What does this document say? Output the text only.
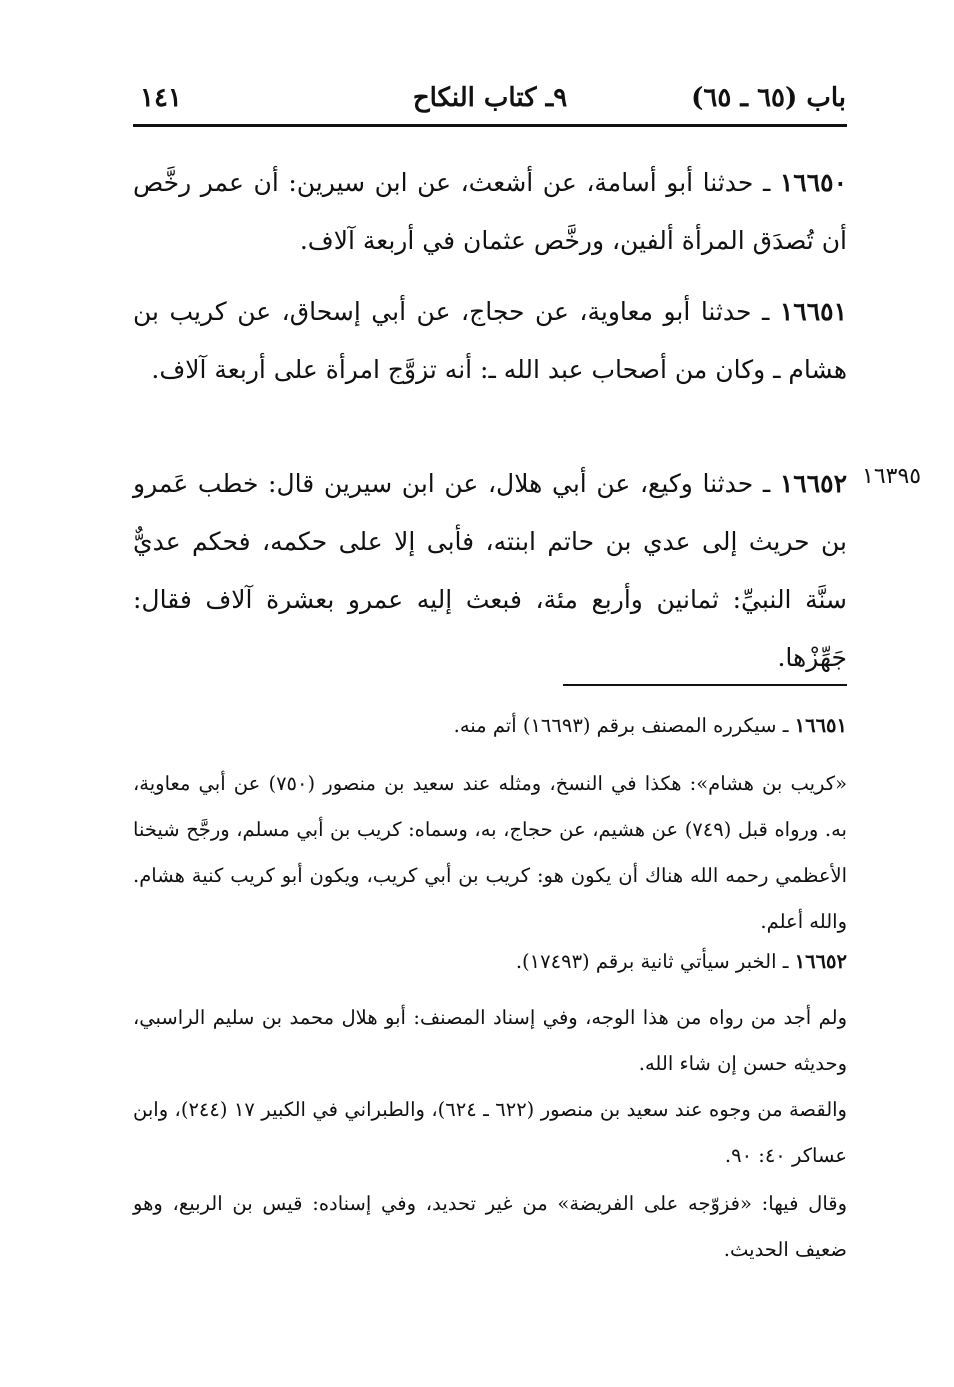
باب (٦٥ ـ ٦٥)
٩ـ كتاب النكاح
١٤١

١٦٦٥٠ ـ حدثنا أبو أسامة، عن أشعث، عن ابن سيرين: أن عمر رخَّص أن تُصدَق المرأة ألفين، ورخَّص عثمان في أربعة آلاف.

١٦٦٥١ ـ حدثنا أبو معاوية، عن حجاج، عن أبي إسحاق، عن كريب بن هشام ـ وكان من أصحاب عبد الله ـ: أنه تزوَّج امرأة على أربعة آلاف.

١٦٣٩٥

١٦٦٥٢ ـ حدثنا وكيع، عن أبي هلال، عن ابن سيرين قال: خطب عَمرو بن حريث إلى عدي بن حاتم ابنته، فأبى إلا على حكمه، فحكم عديٌّ سنَّة النبيِّ: ثمانين وأربع مئة، فبعث إليه عمرو بعشرة آلاف فقال: جَهِّزْها.

١٦٦٥١ ـ سيكرره المصنف برقم (١٦٦٩٣) أتم منه.

«كريب بن هشام»: هكذا في النسخ، ومثله عند سعيد بن منصور (٧٥٠) عن أبي معاوية، به. ورواه قبل (٧٤٩) عن هشيم، عن حجاج، به، وسماه: كريب بن أبي مسلم، ورجَّح شيخنا الأعظمي رحمه الله هناك أن يكون هو: كريب بن أبي كريب، ويكون أبو كريب كنية هشام. والله أعلم.

١٦٦٥٢ ـ الخبر سيأتي ثانية برقم (١٧٤٩٣).

ولم أجد من رواه من هذا الوجه، وفي إسناد المصنف: أبو هلال محمد بن سليم الراسبي، وحديثه حسن إن شاء الله.

والقصة من وجوه عند سعيد بن منصور (٦٢٢ ـ ٦٢٤)، والطبراني في الكبير ١٧ (٢٤٤)، وابن عساكر ٤٠: ٩٠.

وقال فيها: «فزوّجه على الفريضة» من غير تحديد، وفي إسناده: قيس بن الربيع، وهو ضعيف الحديث.
